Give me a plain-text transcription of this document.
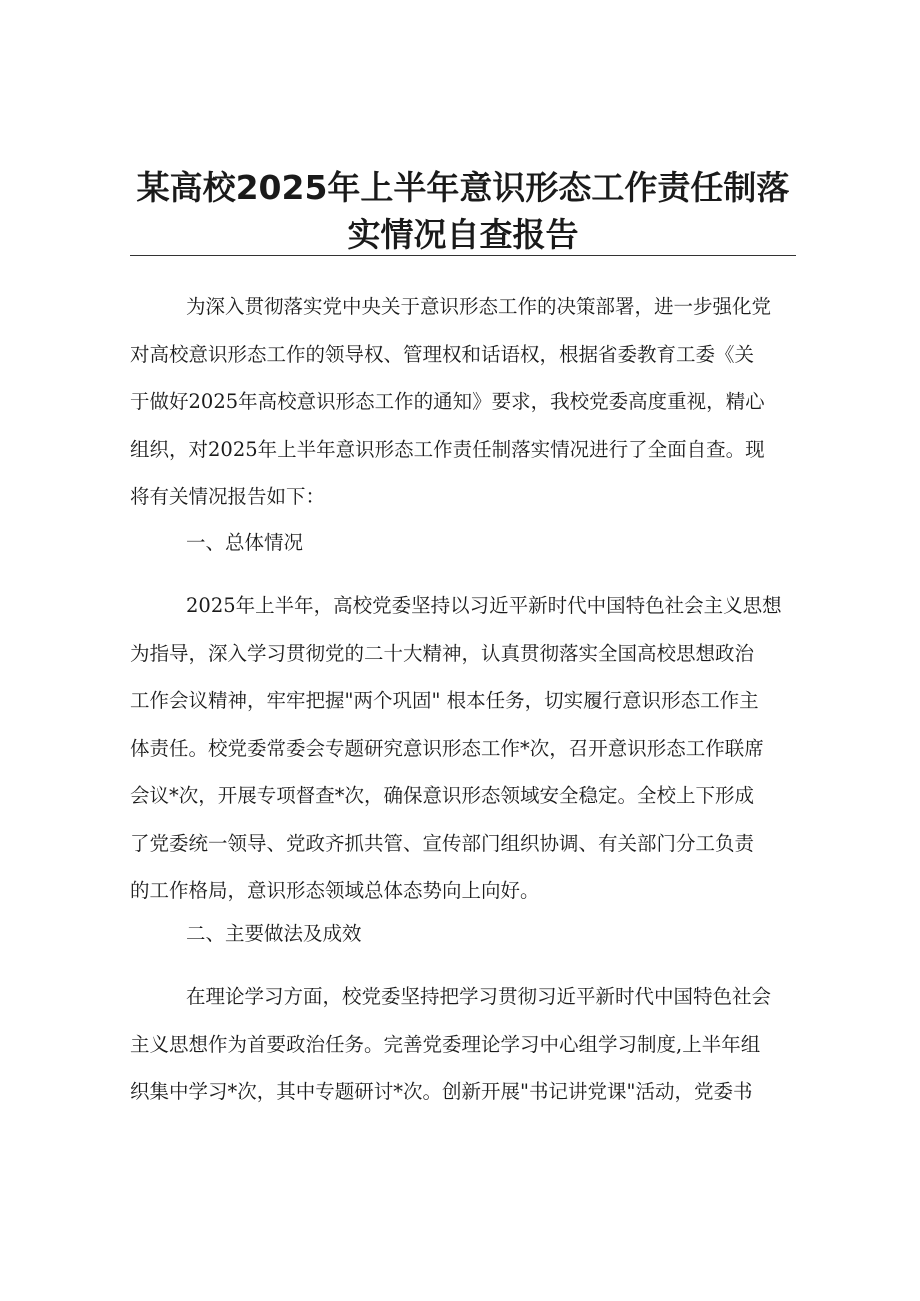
某高校2025年上半年意识形态工作责任制落
实情况自查报告
为深入贯彻落实党中央关于意识形态工作的决策部署，进一步强化党
对高校意识形态工作的领导权、管理权和话语权，根据省委教育工委《关
于做好2025年高校意识形态工作的通知》要求，我校党委高度重视，精心
组织，对2025年上半年意识形态工作责任制落实情况进行了全面自查。现
将有关情况报告如下：
一、总体情况
2025年上半年，高校党委坚持以习近平新时代中国特色社会主义思想
为指导，深入学习贯彻党的二十大精神，认真贯彻落实全国高校思想政治
工作会议精神，牢牢把握"两个巩固" 根本任务，切实履行意识形态工作主
体责任。校党委常委会专题研究意识形态工作*次，召开意识形态工作联席
会议*次，开展专项督查*次，确保意识形态领域安全稳定。全校上下形成
了党委统一领导、党政齐抓共管、宣传部门组织协调、有关部门分工负责
的工作格局，意识形态领域总体态势向上向好。
二、主要做法及成效
在理论学习方面，校党委坚持把学习贯彻习近平新时代中国特色社会
主义思想作为首要政治任务。完善党委理论学习中心组学习制度,上半年组
织集中学习*次，其中专题研讨*次。创新开展"书记讲党课"活动，党委书
